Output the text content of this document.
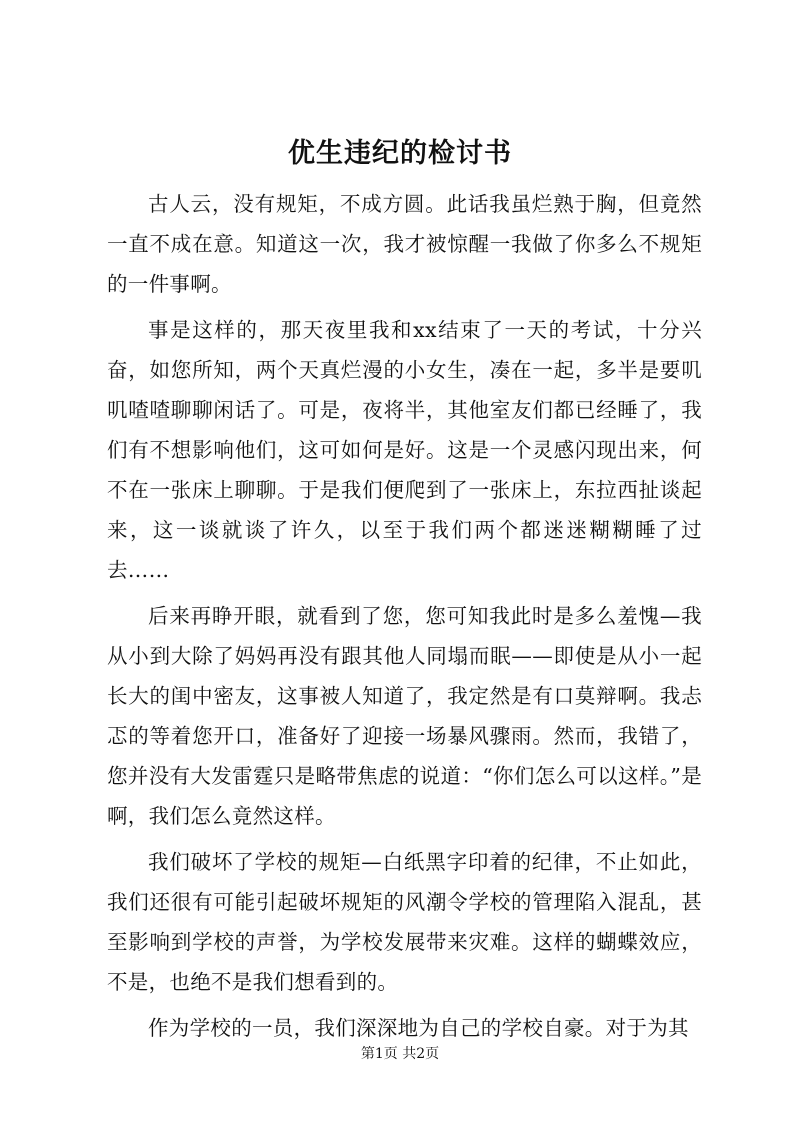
优生违纪的检讨书

古人云，没有规矩，不成方圆。此话我虽烂熟于胸，但竟然一直不成在意。知道这一次，我才被惊醒一我做了你多么不规矩的一件事啊。

事是这样的，那天夜里我和xx结束了一天的考试，十分兴奋，如您所知，两个天真烂漫的小女生，凑在一起，多半是要叽叽喳喳聊聊闲话了。可是，夜将半，其他室友们都已经睡了，我们有不想影响他们，这可如何是好。这是一个灵感闪现出来，何不在一张床上聊聊。于是我们便爬到了一张床上，东拉西扯谈起来，这一谈就谈了许久，以至于我们两个都迷迷糊糊睡了过去……

后来再睁开眼，就看到了您，您可知我此时是多么羞愧—我从小到大除了妈妈再没有跟其他人同塌而眠——即使是从小一起长大的闺中密友，这事被人知道了，我定然是有口莫辩啊。我忐忑的等着您开口，准备好了迎接一场暴风骤雨。然而，我错了，您并没有大发雷霆只是略带焦虑的说道：“你们怎么可以这样。”是啊，我们怎么竟然这样。

我们破坏了学校的规矩—白纸黑字印着的纪律，不止如此，我们还很有可能引起破坏规矩的风潮令学校的管理陷入混乱，甚至影响到学校的声誉，为学校发展带来灾难。这样的蝴蝶效应，不是，也绝不是我们想看到的。

作为学校的一员，我们深深地为自己的学校自豪。对于为其

第1页 共2页
